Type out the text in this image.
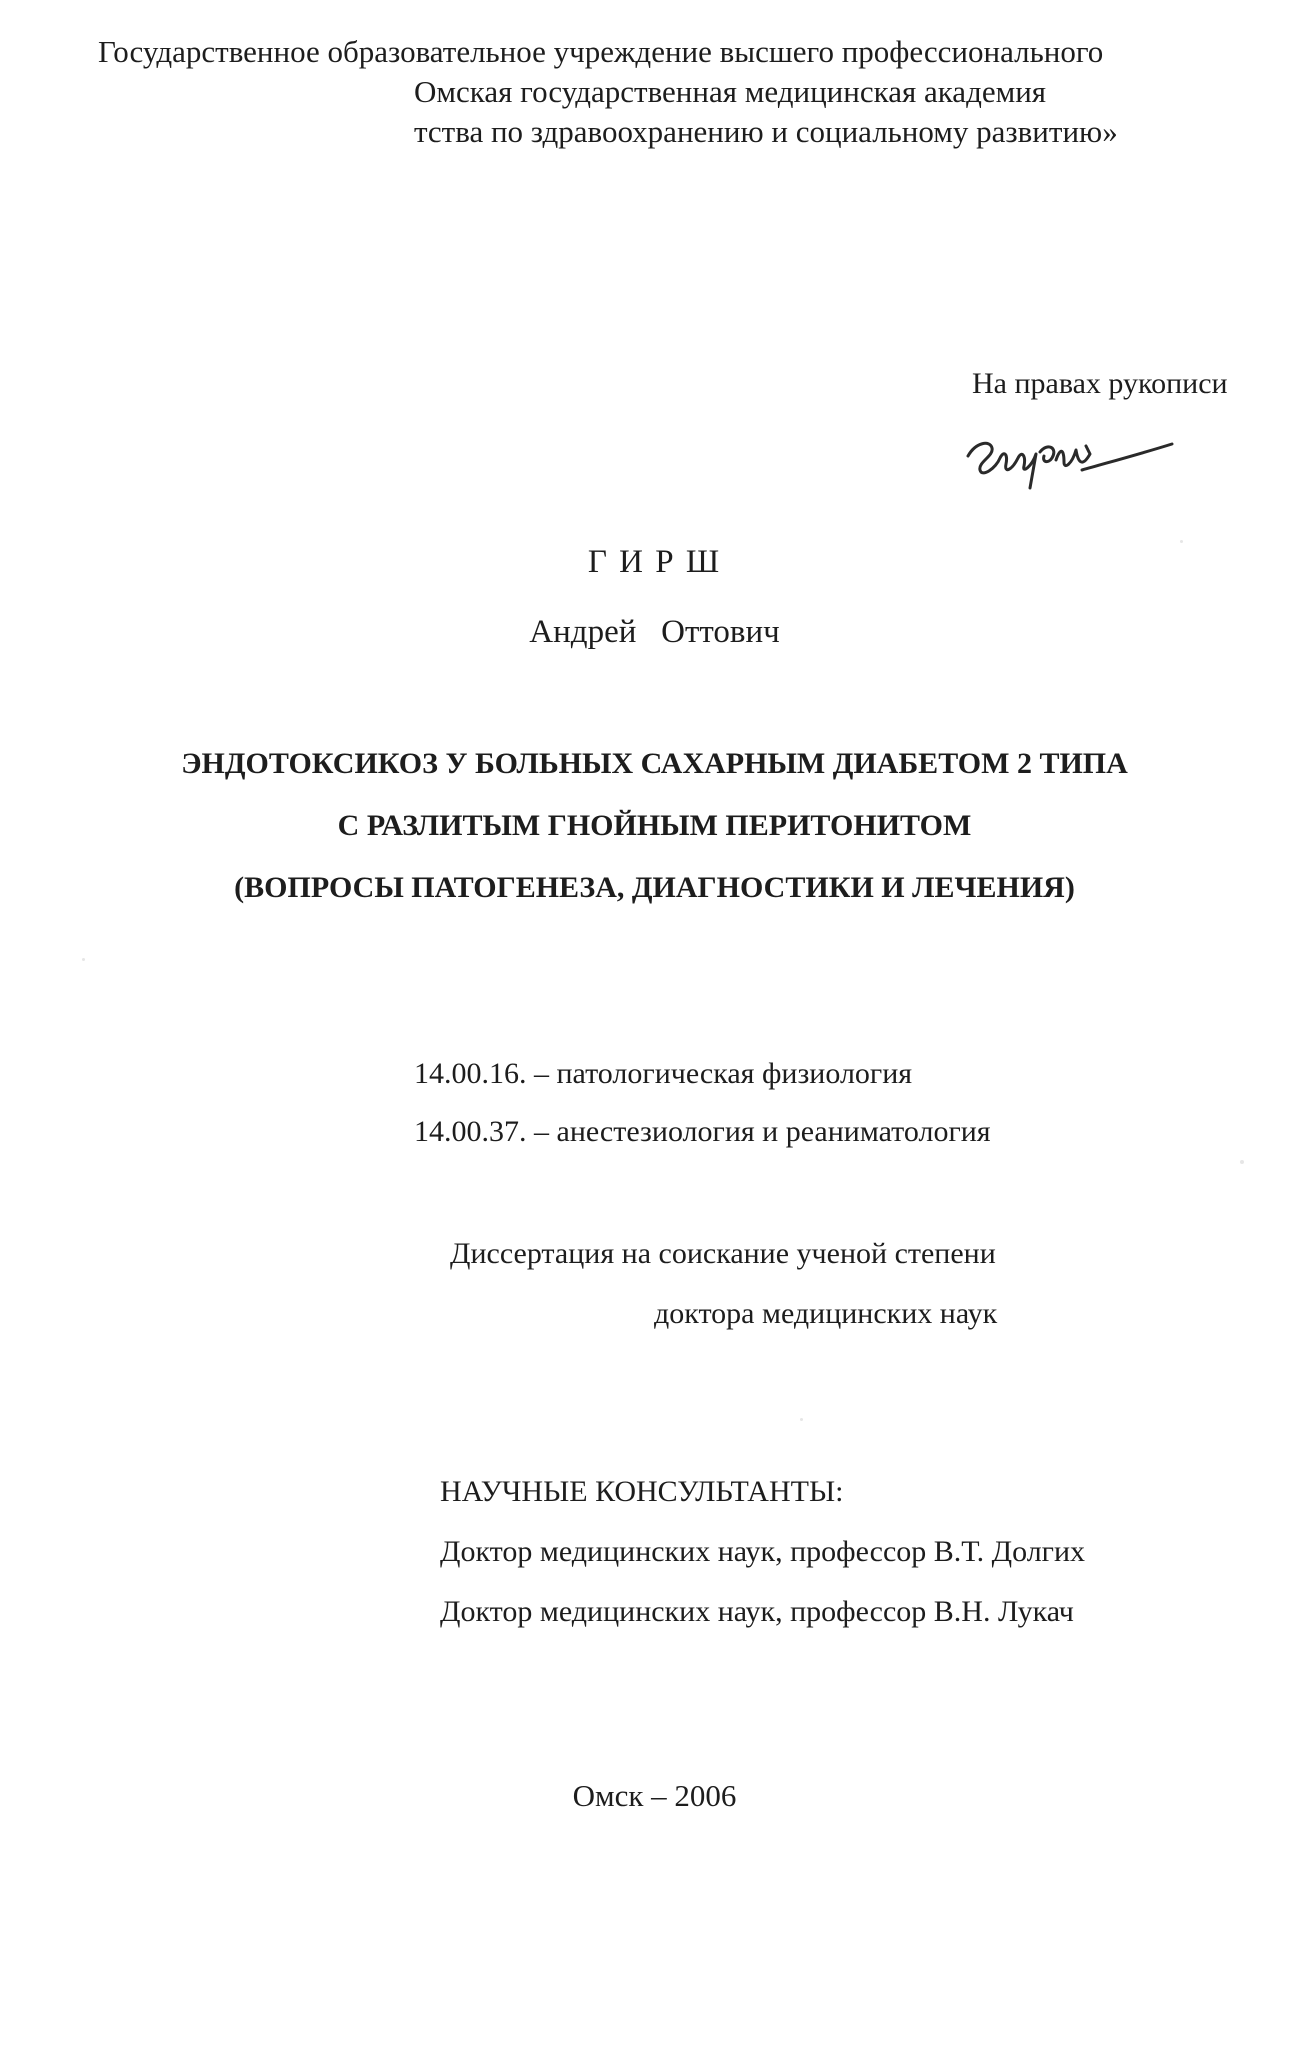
Государственное образовательное учреждение высшего профессионального
Омская государственная медицинская академия
тства по здравоохранению и социальному развитию»
На правах рукописи
Г И Р Ш
Андрей   Оттович
ЭНДОТОКСИКОЗ У БОЛЬНЫХ САХАРНЫМ ДИАБЕТОМ 2 ТИПА
С РАЗЛИТЫМ ГНОЙНЫМ ПЕРИТОНИТОМ
(ВОПРОСЫ ПАТОГЕНЕЗА, ДИАГНОСТИКИ И ЛЕЧЕНИЯ)
14.00.16. – патологическая физиология
14.00.37. – анестезиология и реаниматология
Диссертация на соискание ученой степени
доктора медицинских наук
НАУЧНЫЕ КОНСУЛЬТАНТЫ:
Доктор медицинских наук, профессор В.Т. Долгих
Доктор медицинских наук, профессор В.Н. Лукач
Омск – 2006
